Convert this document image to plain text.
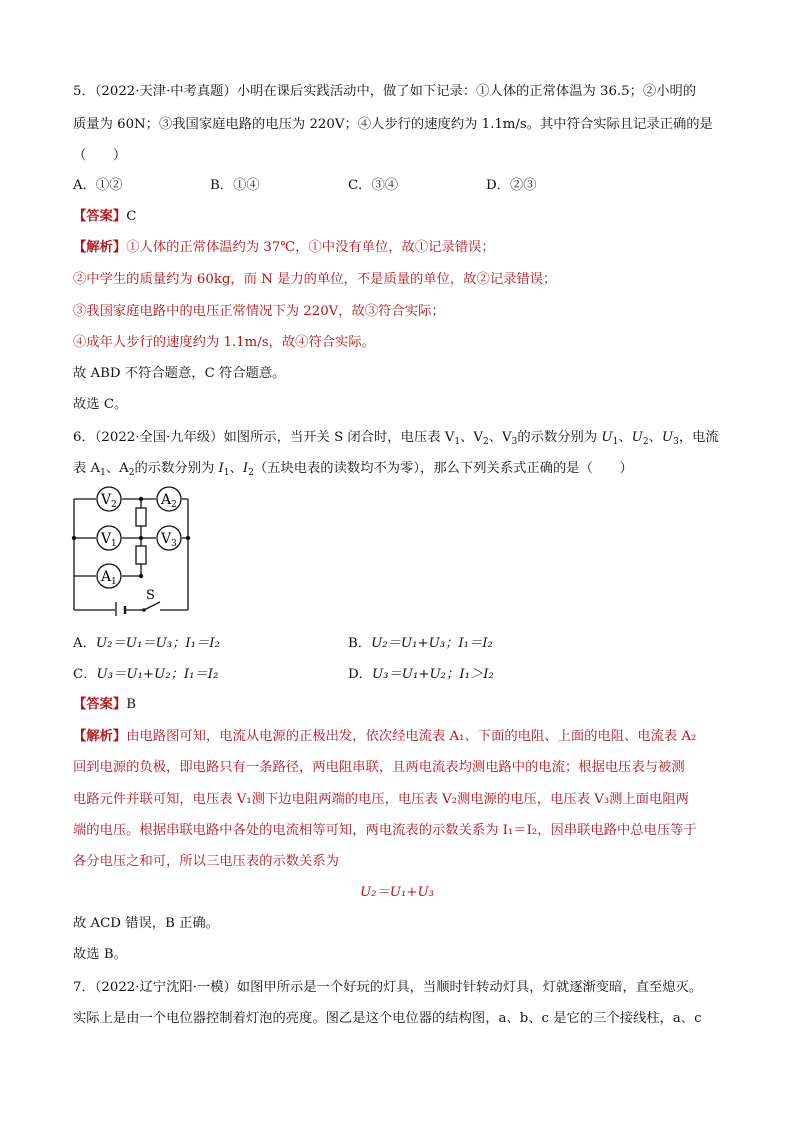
5．（2022·天津·中考真题）小明在课后实践活动中，做了如下记录：①人体的正常体温为 36.5；②小明的
质量为 60N；③我国家庭电路的电压为 220V；④人步行的速度约为 1.1m/s。其中符合实际且记录正确的是
（　　）
A．①②	B．①④	C．③④	D．②③
【答案】C
【解析】①人体的正常体温约为 37℃，①中没有单位，故①记录错误；
②中学生的质量约为 60kg，而 N 是力的单位，不是质量的单位，故②记录错误；
③我国家庭电路中的电压正常情况下为 220V，故③符合实际；
④成年人步行的速度约为 1.1m/s，故④符合实际。
故 ABD 不符合题意，C 符合题意。
故选 C。
6．（2022·全国·九年级）如图所示，当开关 S 闭合时，电压表 $V_1$、$V_2$、$V_3$的示数分别为 $U_1$、$U_2$、$U_3$，电流
表 $A_1$、$A_2$的示数分别为 $I_1$、$I_2$（五块电表的读数均不为零），那么下列关系式正确的是（　　）
V 2	A 2
V 1	V 3
A 1
S
A．U₂＝U₁＝U₃；I₁＝I₂	B．U₂＝U₁+U₃；I₁＝I₂
C．U₃＝U₁+U₂；I₁＝I₂	D．U₃＝U₁+U₂；I₁＞I₂
【答案】B
【解析】由电路图可知，电流从电源的正极出发，依次经电流表 A₁、下面的电阻、上面的电阻、电流表 A₂
回到电源的负极，即电路只有一条路径，两电阻串联，且两电流表均测电路中的电流；根据电压表与被测
电路元件并联可知，电压表 V₁测下边电阻两端的电压，电压表 V₂测电源的电压，电压表 V₃测上面电阻两
端的电压。根据串联电路中各处的电流相等可知，两电流表的示数关系为 I₁＝I₂，因串联电路中总电压等于
各分电压之和可，所以三电压表的示数关系为
U₂＝U₁+U₃
故 ACD 错误，B 正确。
故选 B。
7．（2022·辽宁沈阳·一模）如图甲所示是一个好玩的灯具，当顺时针转动灯具，灯就逐渐变暗，直至熄灭。
实际上是由一个电位器控制着灯泡的亮度。图乙是这个电位器的结构图，a、b、c 是它的三个接线柱，a、c
